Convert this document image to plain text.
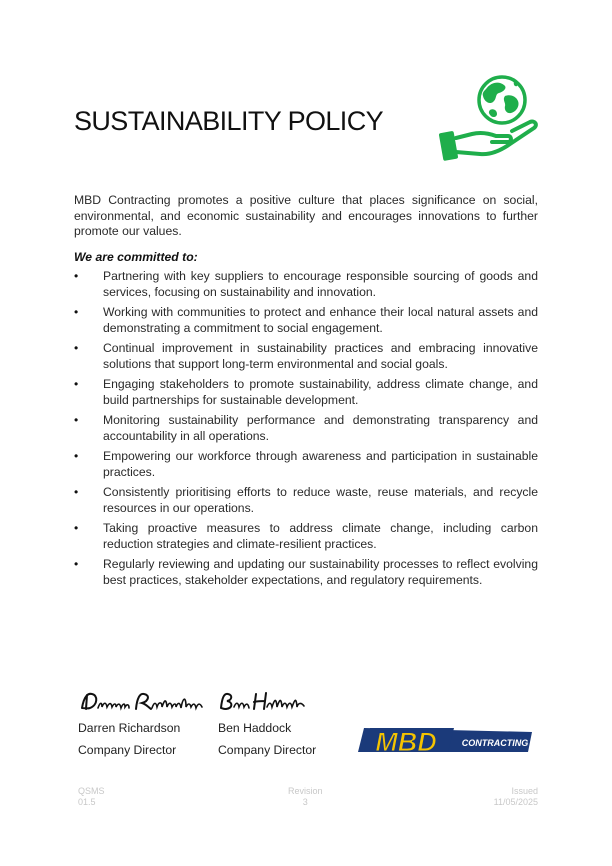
SUSTAINABILITY POLICY

MBD Contracting promotes a positive culture that places significance on social, environmental, and economic sustainability and encourages innovations to further promote our values.

We are committed to:

• Partnering with key suppliers to encourage responsible sourcing of goods and services, focusing on sustainability and innovation.
• Working with communities to protect and enhance their local natural assets and demonstrating a commitment to social engagement.
• Continual improvement in sustainability practices and embracing innovative solutions that support long-term environmental and social goals.
• Engaging stakeholders to promote sustainability, address climate change, and build partnerships for sustainable development.
• Monitoring sustainability performance and demonstrating transparency and accountability in all operations.
• Empowering our workforce through awareness and participation in sustainable practices.
• Consistently prioritising efforts to reduce waste, reuse materials, and recycle resources in our operations.
• Taking proactive measures to address climate change, including carbon reduction strategies and climate-resilient practices.
• Regularly reviewing and updating our sustainability processes to reflect evolving best practices, stakeholder expectations, and regulatory requirements.
Darren Richardson
Company Director
Ben Haddock
Company Director MBD	CONTRACTING
QSMS
01.5
Revision
3
Issued
11/05/2025
